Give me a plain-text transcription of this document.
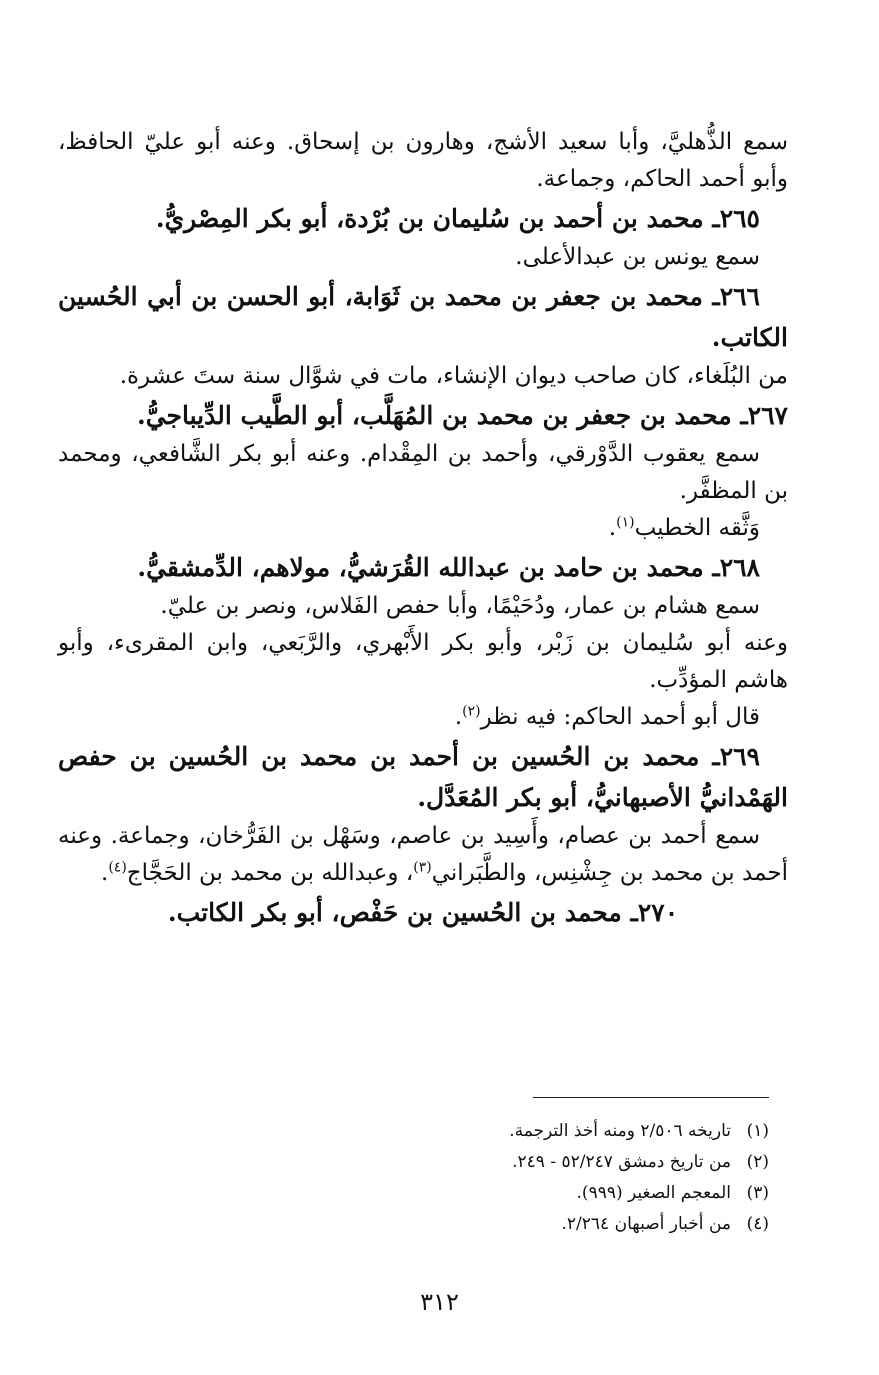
سمع الذُّهليَّ، وأبا سعيد الأشج، وهارون بن إسحاق. وعنه أبو عليّ الحافظ، وأبو أحمد الحاكم، وجماعة.

٢٦٥ـ محمد بن أحمد بن سُليمان بن بُرْدة، أبو بكر المِصْريُّ.

سمع يونس بن عبدالأعلى.

٢٦٦ـ محمد بن جعفر بن محمد بن ثَوَابة، أبو الحسن بن أبي الحُسين الكاتب.

من البُلَغاء، كان صاحب ديوان الإنشاء، مات في شوَّال سنة ستَ عشرة.

٢٦٧ـ محمد بن جعفر بن محمد بن المُهَلَّب، أبو الطَّيب الدِّيباجيُّ.

سمع يعقوب الدَّوْرقي، وأحمد بن المِقْدام. وعنه أبو بكر الشَّافعي، ومحمد بن المظفَّر.

وَثَّقه الخطيب$^{(١)}$.

٢٦٨ـ محمد بن حامد بن عبدالله القُرَشيُّ، مولاهم، الدِّمشقيُّ.

سمع هشام بن عمار، ودُحَيْمًا، وأبا حفص الفَلاس، ونصر بن عليّ.

وعنه أبو سُليمان بن زَبْر، وأبو بكر الأَبْهري، والرَّبَعي، وابن المقرىء، وأبو هاشم المؤدِّب.

قال أبو أحمد الحاكم: فيه نظر$^{(٢)}$.

٢٦٩ـ محمد بن الحُسين بن أحمد بن محمد بن الحُسين بن حفص الهَمْدانيُّ الأصبهانيُّ، أبو بكر المُعَدَّل.

سمع أحمد بن عصام، وأَسِيد بن عاصم، وسَهْل بن الفَرُّخان، وجماعة. وعنه أحمد بن محمد بن جِشْنِس، والطَّبَراني$^{(٣)}$، وعبدالله بن محمد بن الحَجَّاج$^{(٤)}$.

٢٧٠ـ محمد بن الحُسين بن حَفْص، أبو بكر الكاتب.

(١)تاريخه ٢/٥٠٦ ومنه أخذ الترجمة.

(٢)من تاريخ دمشق ٥٢/٢٤٧ - ٢٤٩.

(٣)المعجم الصغير (٩٩٩).

(٤)من أخبار أصبهان ٢/٢٦٤.

٣١٢
